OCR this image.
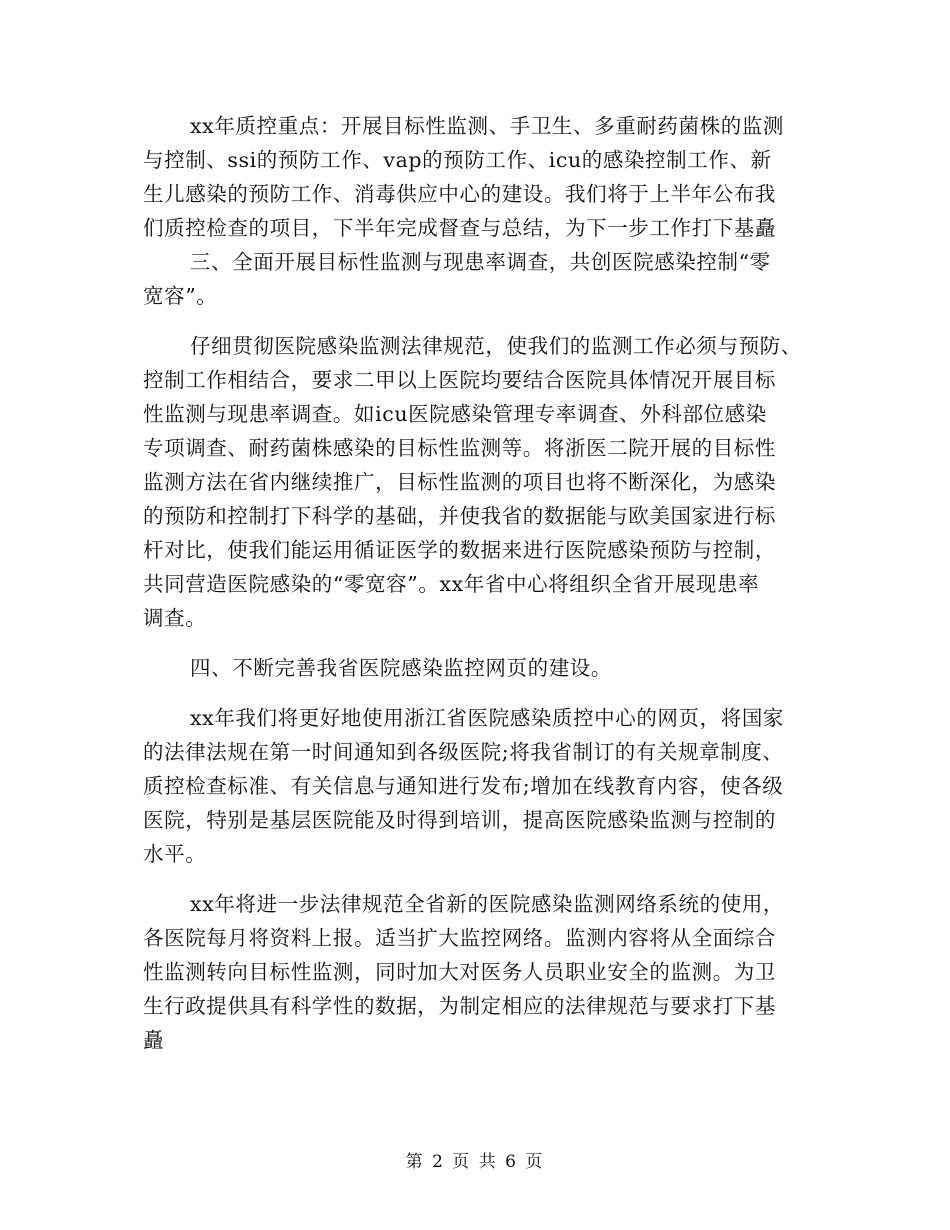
xx年质控重点：开展目标性监测、手卫生、多重耐药菌株的监测
与控制、ssi的预防工作、vap的预防工作、icu的感染控制工作、新
生儿感染的预防工作、消毒供应中心的建设。我们将于上半年公布我
们质控检查的项目，下半年完成督查与总结，为下一步工作打下基矗
三、全面开展目标性监测与现患率调查，共创医院感染控制“零
宽容”。
仔细贯彻医院感染监测法律规范，使我们的监测工作必须与预防、
控制工作相结合，要求二甲以上医院均要结合医院具体情况开展目标
性监测与现患率调查。如icu医院感染管理专率调查、外科部位感染
专项调查、耐药菌株感染的目标性监测等。将浙医二院开展的目标性
监测方法在省内继续推广，目标性监测的项目也将不断深化，为感染
的预防和控制打下科学的基础，并使我省的数据能与欧美国家进行标
杆对比，使我们能运用循证医学的数据来进行医院感染预防与控制，
共同营造医院感染的“零宽容”。xx年省中心将组织全省开展现患率
调查。
四、不断完善我省医院感染监控网页的建设。
xx年我们将更好地使用浙江省医院感染质控中心的网页，将国家
的法律法规在第一时间通知到各级医院;将我省制订的有关规章制度、
质控检查标准、有关信息与通知进行发布;增加在线教育内容，使各级
医院，特别是基层医院能及时得到培训，提高医院感染监测与控制的
水平。
xx年将进一步法律规范全省新的医院感染监测网络系统的使用，
各医院每月将资料上报。适当扩大监控网络。监测内容将从全面综合
性监测转向目标性监测，同时加大对医务人员职业安全的监测。为卫
生行政提供具有科学性的数据，为制定相应的法律规范与要求打下基
矗
第 2 页 共 6 页
